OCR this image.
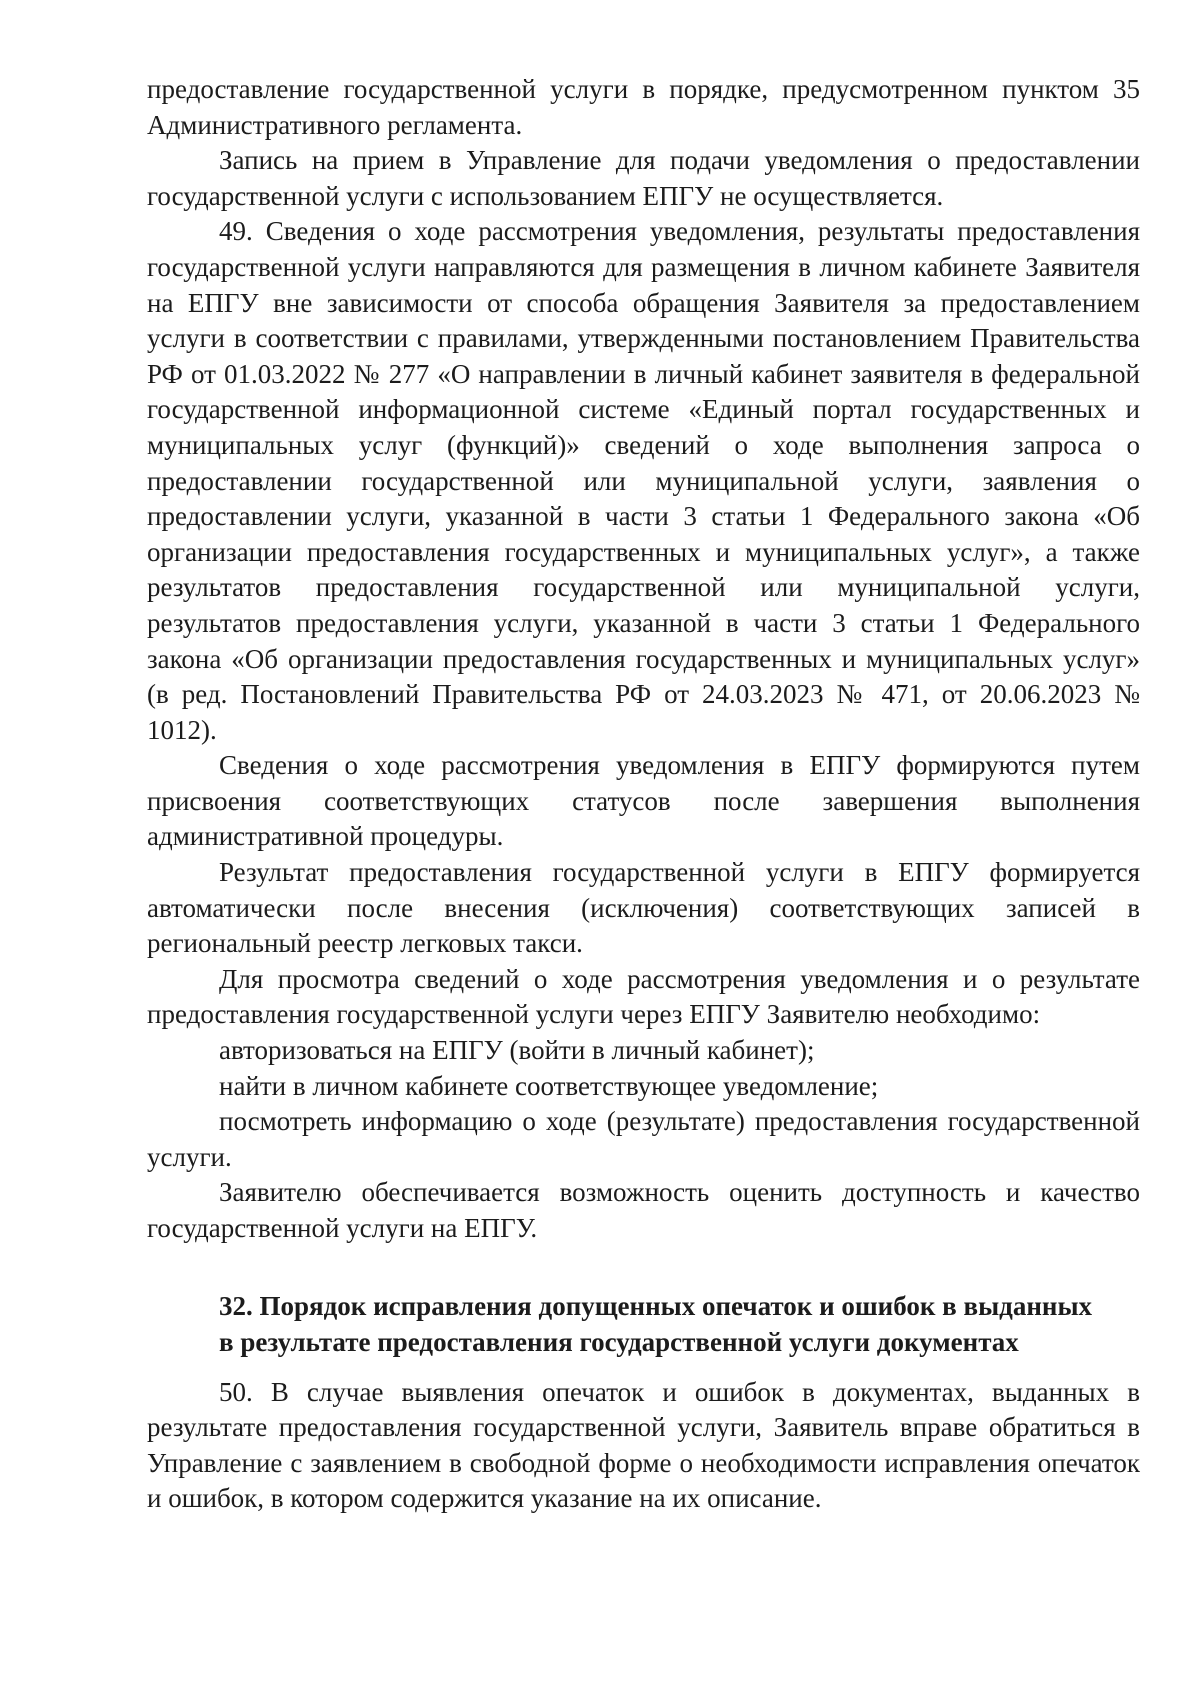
предоставление государственной услуги в порядке, предусмотренном пунктом 35 Административного регламента.

Запись на прием в Управление для подачи уведомления о предоставлении государственной услуги с использованием ЕПГУ не осуществляется.

49. Сведения о ходе рассмотрения уведомления, результаты предоставления государственной услуги направляются для размещения в личном кабинете Заявителя на ЕПГУ вне зависимости от способа обращения Заявителя за предоставлением услуги в соответствии с правилами, утвержденными постановлением Правительства РФ от 01.03.2022 № 277 «О направлении в личный кабинет заявителя в федеральной государственной информационной системе «Единый портал государственных и муниципальных услуг (функций)» сведений о ходе выполнения запроса о предоставлении государственной или муниципальной услуги, заявления о предоставлении услуги, указанной в части 3 статьи 1 Федерального закона «Об организации предоставления государственных и муниципальных услуг», а также результатов предоставления государственной или муниципальной услуги, результатов предоставления услуги, указанной в части 3 статьи 1 Федерального закона «Об организации предоставления государственных и муниципальных услуг» (в ред. Постановлений Правительства РФ от 24.03.2023 № 471, от 20.06.2023 № 1012).

Сведения о ходе рассмотрения уведомления в ЕПГУ формируются путем присвоения соответствующих статусов после завершения выполнения административной процедуры.

Результат предоставления государственной услуги в ЕПГУ формируется автоматически после внесения (исключения) соответствующих записей в региональный реестр легковых такси.

Для просмотра сведений о ходе рассмотрения уведомления и о результате предоставления государственной услуги через ЕПГУ Заявителю необходимо:

авторизоваться на ЕПГУ (войти в личный кабинет);

найти в личном кабинете соответствующее уведомление;

посмотреть информацию о ходе (результате) предоставления государственной услуги.

Заявителю обеспечивается возможность оценить доступность и качество государственной услуги на ЕПГУ.

32. Порядок исправления допущенных опечаток и ошибок в выданных
в результате предоставления государственной услуги документах

50. В случае выявления опечаток и ошибок в документах, выданных в результате предоставления государственной услуги, Заявитель вправе обратиться в Управление с заявлением в свободной форме о необходимости исправления опечаток и ошибок, в котором содержится указание на их описание.
